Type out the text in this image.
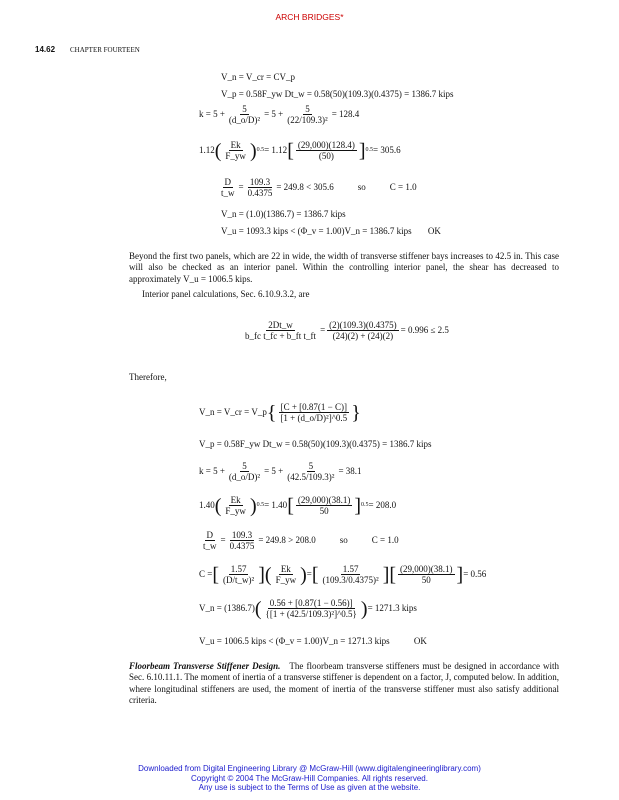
ARCH BRIDGES*
14.62 CHAPTER FOURTEEN
V_n = V_cr = CV_p
V_p = 0.58F_yw Dt_w = 0.58(50)(109.3)(0.4375) = 1386.7 kips
$k = 5 + \frac{5}{\text{(d\_o/D)²}} = 5 + \frac{5}{\text{(22/109.3)²}} = 128.4$
1.12 ( $\frac{Ek}{F\_yw}$ ) 0.5 = 1.12 [ $\frac{(29,000)(128.4)}{(50)}$ ] 0.5 = 305.6
$\frac{D}{t\_w} = \frac{109.3}{0.4375} = 249.8 < 305.6$	so	C = 1.0
V_n = (1.0)(1386.7) = 1386.7 kips
V_u = 1093.3 kips < (Φ_v = 1.00)V_n = 1386.7 kips OK
Beyond the first two panels, which are 22 in wide, the width of transverse stiffener bays increases to 42.5 in. This case will also be checked as an interior panel. Within the controlling interior panel, the shear has decreased to approximately V_u = 1006.5 kips.
Interior panel calculations, Sec. 6.10.9.3.2, are
$\frac{2Dt\_w}{\text{b\_fc t\_fc + b\_ft t\_ft}} = \frac{(2)(109.3)(0.4375)}{(24)(2) + (24)(2)} = 0.996 \le 2.5$
Therefore,
V_n = V_cr = V_p { $\frac{[C + [0.87(1 - C)]}{\text{[1 + (d\_o/D)²]\textasciicircum{}0.5}}$ }
V_p = 0.58F_yw Dt_w = 0.58(50)(109.3)(0.4375) = 1386.7 kips
$k = 5 + \frac{5}{\text{(d\_o/D)²}} = 5 + \frac{5}{\text{(42.5/109.3)²}} = 38.1$
1.40 ( $\frac{Ek}{F\_yw}$ ) 0.5 = 1.40 [ $\frac{(29,000)(38.1)}{50}$ ] 0.5 = 208.0
$\frac{D}{t\_w} = \frac{109.3}{0.4375} = 249.8 > 208.0$	so	C = 1.0
C = [ $\frac{1.57}{\text{(D/t\_w)²}}$ ] ( $\frac{Ek}{F\_yw}$ ) = [ $\frac{1.57}{\text{(109.3/0.4375)²}}$ ] [ $\frac{(29,000)(38.1)}{50}$ ] = 0.56
V_n = (1386.7) ( $\frac{0.56 + [0.87(1 - 0.56)]}{\text{\{[1 + (42.5/109.3)²]\textasciicircum{}0.5\}}}$ ) = 1271.3 kips
V_u = 1006.5 kips < (Φ_v = 1.00)V_n = 1271.3 kips	OK
Floorbeam Transverse Stiffener Design. The floorbeam transverse stiffeners must be designed in accordance with Sec. 6.10.11.1. The moment of inertia of a transverse stiffener is dependent on a factor, J, computed below. In addition, where longitudinal stiffeners are used, the moment of inertia of the transverse stiffener must also satisfy additional criteria.
Downloaded from Digital Engineering Library @ McGraw-Hill (www.digitalengineeringlibrary.com)
Copyright © 2004 The McGraw-Hill Companies. All rights reserved.
Any use is subject to the Terms of Use as given at the website.
